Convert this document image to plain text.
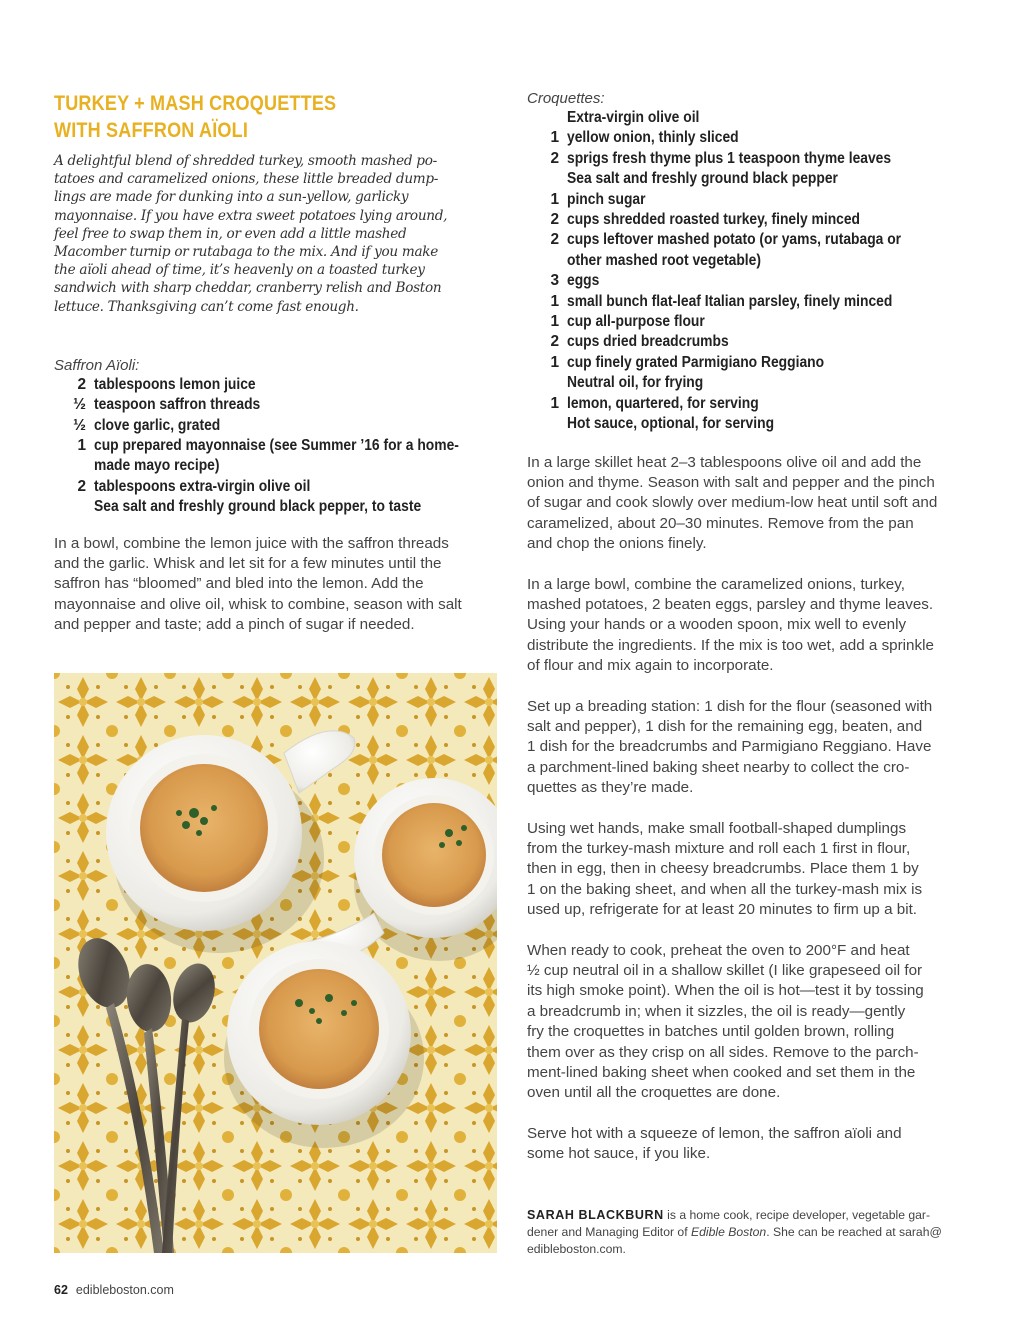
TURKEY + MASH CROQUETTES
WITH SAFFRON AÏOLI
A delightful blend of shredded turkey, smooth mashed po-
tatoes and caramelized onions, these little breaded dump-
lings are made for dunking into a sun-yellow, garlicky
mayonnaise. If you have extra sweet potatoes lying around,
feel free to swap them in, or even add a little mashed
Macomber turnip or rutabaga to the mix. And if you make
the aïoli ahead of time, it’s heavenly on a toasted turkey
sandwich with sharp cheddar, cranberry relish and Boston
lettuce. Thanksgiving can’t come fast enough.
Saffron Aïoli:
2 tablespoons lemon juice
½ teaspoon saffron threads
½ clove garlic, grated
1 cup prepared mayonnaise (see Summer ’16 for a home-
made mayo recipe)
2 tablespoons extra-virgin olive oil
Sea salt and freshly ground black pepper, to taste
In a bowl, combine the lemon juice with the saffron threads
and the garlic. Whisk and let sit for a few minutes until the
saffron has “bloomed” and bled into the lemon. Add the
mayonnaise and olive oil, whisk to combine, season with salt
and pepper and taste; add a pinch of sugar if needed.
Croquettes:
Extra-virgin olive oil
1 yellow onion, thinly sliced
2 sprigs fresh thyme plus 1 teaspoon thyme leaves
Sea salt and freshly ground black pepper
1 pinch sugar
2 cups shredded roasted turkey, finely minced
2 cups leftover mashed potato (or yams, rutabaga or
other mashed root vegetable)
3 eggs
1 small bunch flat-leaf Italian parsley, finely minced
1 cup all-purpose flour
2 cups dried breadcrumbs
1 cup finely grated Parmigiano Reggiano
Neutral oil, for frying
1 lemon, quartered, for serving
Hot sauce, optional, for serving
In a large skillet heat 2–3 tablespoons olive oil and add the
onion and thyme. Season with salt and pepper and the pinch
of sugar and cook slowly over medium-low heat until soft and
caramelized, about 20–30 minutes. Remove from the pan
and chop the onions finely.
In a large bowl, combine the caramelized onions, turkey,
mashed potatoes, 2 beaten eggs, parsley and thyme leaves.
Using your hands or a wooden spoon, mix well to evenly
distribute the ingredients. If the mix is too wet, add a sprinkle
of flour and mix again to incorporate.
Set up a breading station: 1 dish for the flour (seasoned with
salt and pepper), 1 dish for the remaining egg, beaten, and
1 dish for the breadcrumbs and Parmigiano Reggiano. Have
a parchment-lined baking sheet nearby to collect the cro-
quettes as they’re made.
Using wet hands, make small football-shaped dumplings
from the turkey-mash mixture and roll each 1 first in flour,
then in egg, then in cheesy breadcrumbs. Place them 1 by
1 on the baking sheet, and when all the turkey-mash mix is
used up, refrigerate for at least 20 minutes to firm up a bit.
When ready to cook, preheat the oven to 200°F and heat
½ cup neutral oil in a shallow skillet (I like grapeseed oil for
its high smoke point). When the oil is hot—test it by tossing
a breadcrumb in; when it sizzles, the oil is ready—gently
fry the croquettes in batches until golden brown, rolling
them over as they crisp on all sides. Remove to the parch-
ment-lined baking sheet when cooked and set them in the
oven until all the croquettes are done.
Serve hot with a squeeze of lemon, the saffron aïoli and
some hot sauce, if you like.
SARAH BLACKBURN is a home cook, recipe developer, vegetable gar-
dener and Managing Editor of Edible Boston. She can be reached at sarah@
edibleboston.com.
62 edibleboston.com
